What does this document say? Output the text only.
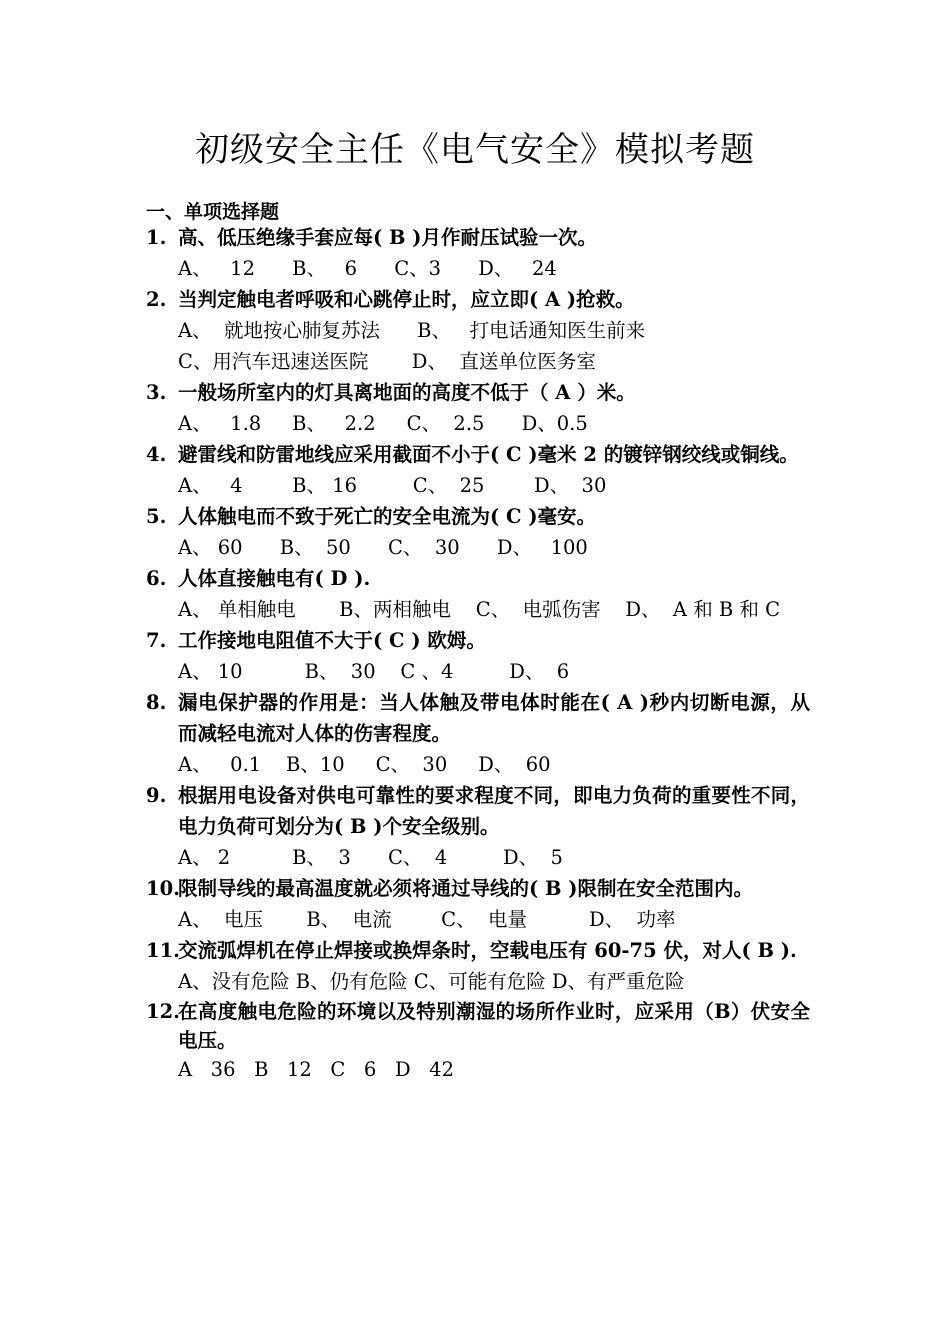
初级安全主任《电气安全》模拟考题
一、单项选择题
1. 高、低压绝缘手套应每( B )月作耐压试验一次。
A、   12      B、   6      C、3      D、   24
2. 当判定触电者呼吸和心跳停止时，应立即( A )抢救。
A、  就地按心肺复苏法      B、   打电话通知医生前来
C、用汽车迅速送医院       D、  直送单位医务室
3. 一般场所室内的灯具离地面的高度不低于（ A ）米。
A、   1.8     B、   2.2     C、  2.5      D、0.5
4. 避雷线和防雷地线应采用截面不小于( C )毫米 2 的镀锌钢绞线或铜线。
A、   4        B、 16         C、  25        D、  30
5. 人体触电而不致于死亡的安全电流为( C )毫安。
A、 60      B、  50      C、  30      D、   100
6. 人体直接触电有( D ).
A、 单相触电       B、两相触电    C、  电弧伤害    D、  A 和 B 和 C
7. 工作接地电阻值不大于( C ) 欧姆。
A、 10          B、  30    C 、4         D、  6
8. 漏电保护器的作用是：当人体触及带电体时能在( A )秒内切断电源，从而减轻电流对人体的伤害程度。
A、   0.1    B、10     C、  30     D、  60
9. 根据用电设备对供电可靠性的要求程度不同，即电力负荷的重要性不同，电力负荷可划分为( B )个安全级别。
A、 2          B、  3      C、  4         D、  5
10.
限制导线的最高温度就必须将通过导线的( B )限制在安全范围内。
A、  电压       B、  电流        C、  电量          D、  功率
11.
交流弧焊机在停止焊接或换焊条时，空载电压有 60-75 伏，对人( B ).
A、没有危险 B、仍有危险 C、可能有危险 D、有严重危险
12.
在高度触电危险的环境以及特别潮湿的场所作业时，应采用（B）伏安全电压。
A   36   B   12   C   6   D   42
